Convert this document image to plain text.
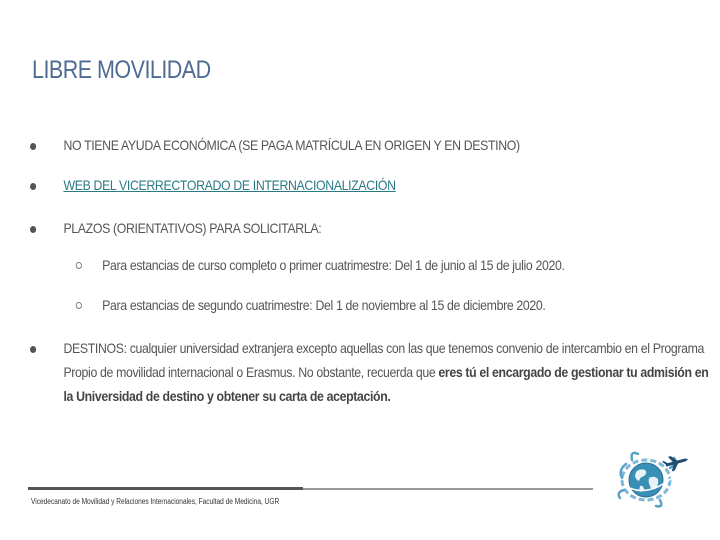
LIBRE MOVILIDAD
NO TIENE AYUDA ECONÓMICA (SE PAGA MATRÍCULA EN ORIGEN Y EN DESTINO)
WEB DEL VICERRECTORADO DE INTERNACIONALIZACIÓN
PLAZOS (ORIENTATIVOS) PARA SOLICITARLA:
Para estancias de curso completo o primer cuatrimestre: Del 1 de junio al 15 de julio 2020.
Para estancias de segundo cuatrimestre: Del 1 de noviembre al 15 de diciembre 2020.
DESTINOS: cualquier universidad extranjera excepto aquellas con las que tenemos convenio de intercambio en el Programa Propio de movilidad internacional o Erasmus. No obstante, recuerda que eres tú el encargado de gestionar tu admisión en la Universidad de destino y obtener su carta de aceptación.
Vicedecanato de Movilidad y Relaciones Internacionales, Facultad de Medicina, UGR
